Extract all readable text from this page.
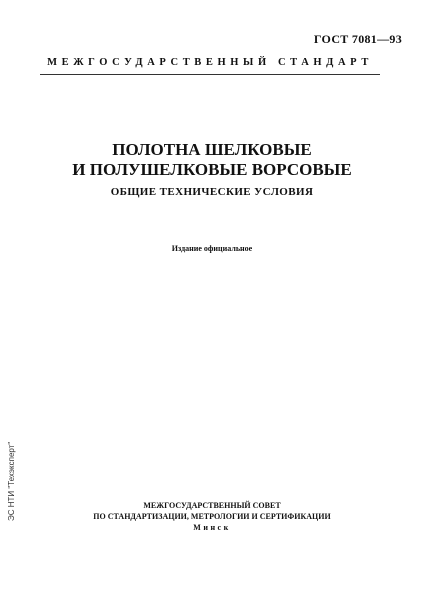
ГОСТ 7081—93
МЕЖГОСУДАРСТВЕННЫЙ СТАНДАРТ
ПОЛОТНА ШЕЛКОВЫЕ
И ПОЛУШЕЛКОВЫЕ ВОРСОВЫЕ
ОБЩИЕ ТЕХНИЧЕСКИЕ УСЛОВИЯ
Издание официальное
МЕЖГОСУДАРСТВЕННЫЙ СОВЕТ
ПО СТАНДАРТИЗАЦИИ, МЕТРОЛОГИИ И СЕРТИФИКАЦИИ
Минск
ЭС НТИ "Техэксперт"
